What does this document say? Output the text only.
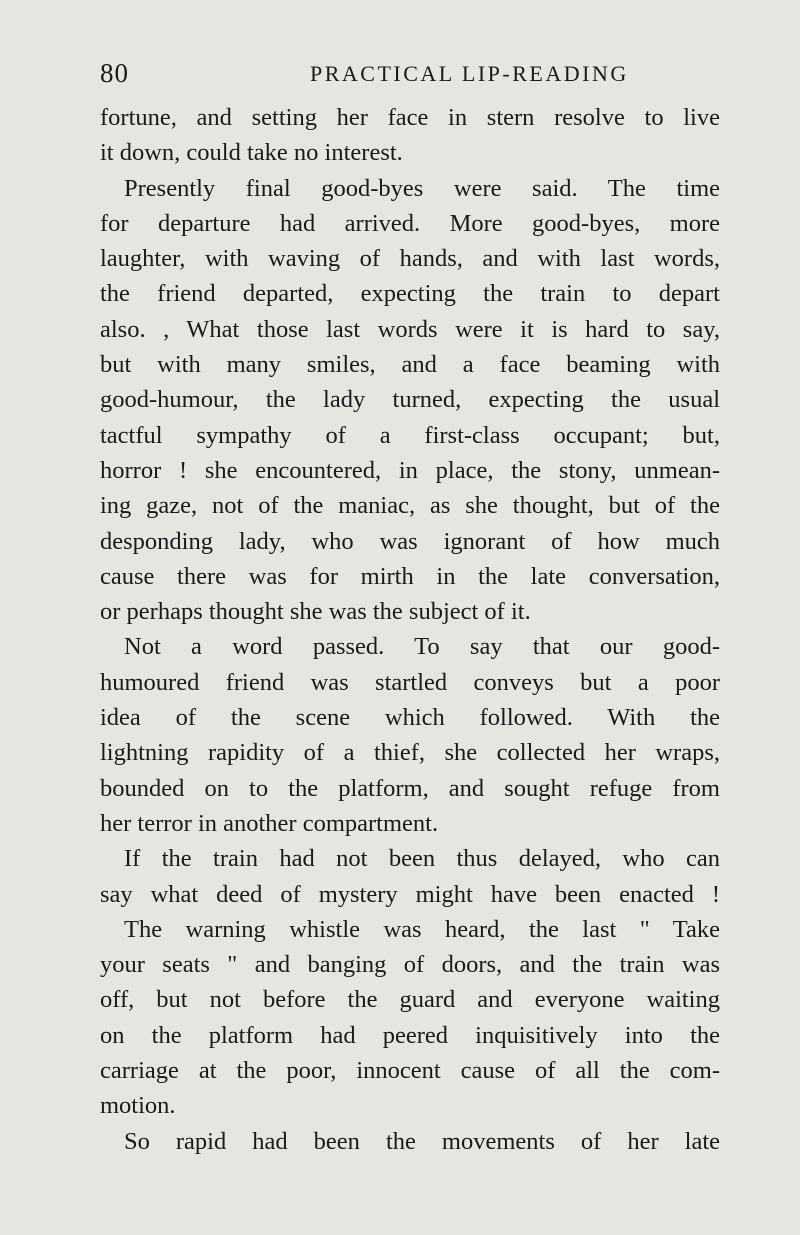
80	PRACTICAL LIP-READING
fortune, and setting her face in stern resolve to live
it down, could take no interest.
Presently final good-byes were said. The time
for departure had arrived. More good-byes, more
laughter, with waving of hands, and with last words,
the friend departed, expecting the train to depart
also. , What those last words were it is hard to say,
but with many smiles, and a face beaming with
good-humour, the lady turned, expecting the usual
tactful sympathy of a first-class occupant; but,
horror ! she encountered, in place, the stony, unmean-
ing gaze, not of the maniac, as she thought, but of the
desponding lady, who was ignorant of how much
cause there was for mirth in the late conversation,
or perhaps thought she was the subject of it.
Not a word passed. To say that our good-
humoured friend was startled conveys but a poor
idea of the scene which followed. With the
lightning rapidity of a thief, she collected her wraps,
bounded on to the platform, and sought refuge from
her terror in another compartment.
If the train had not been thus delayed, who can
say what deed of mystery might have been enacted !
The warning whistle was heard, the last " Take
your seats " and banging of doors, and the train was
off, but not before the guard and everyone waiting
on the platform had peered inquisitively into the
carriage at the poor, innocent cause of all the com-
motion.
So rapid had been the movements of her late
